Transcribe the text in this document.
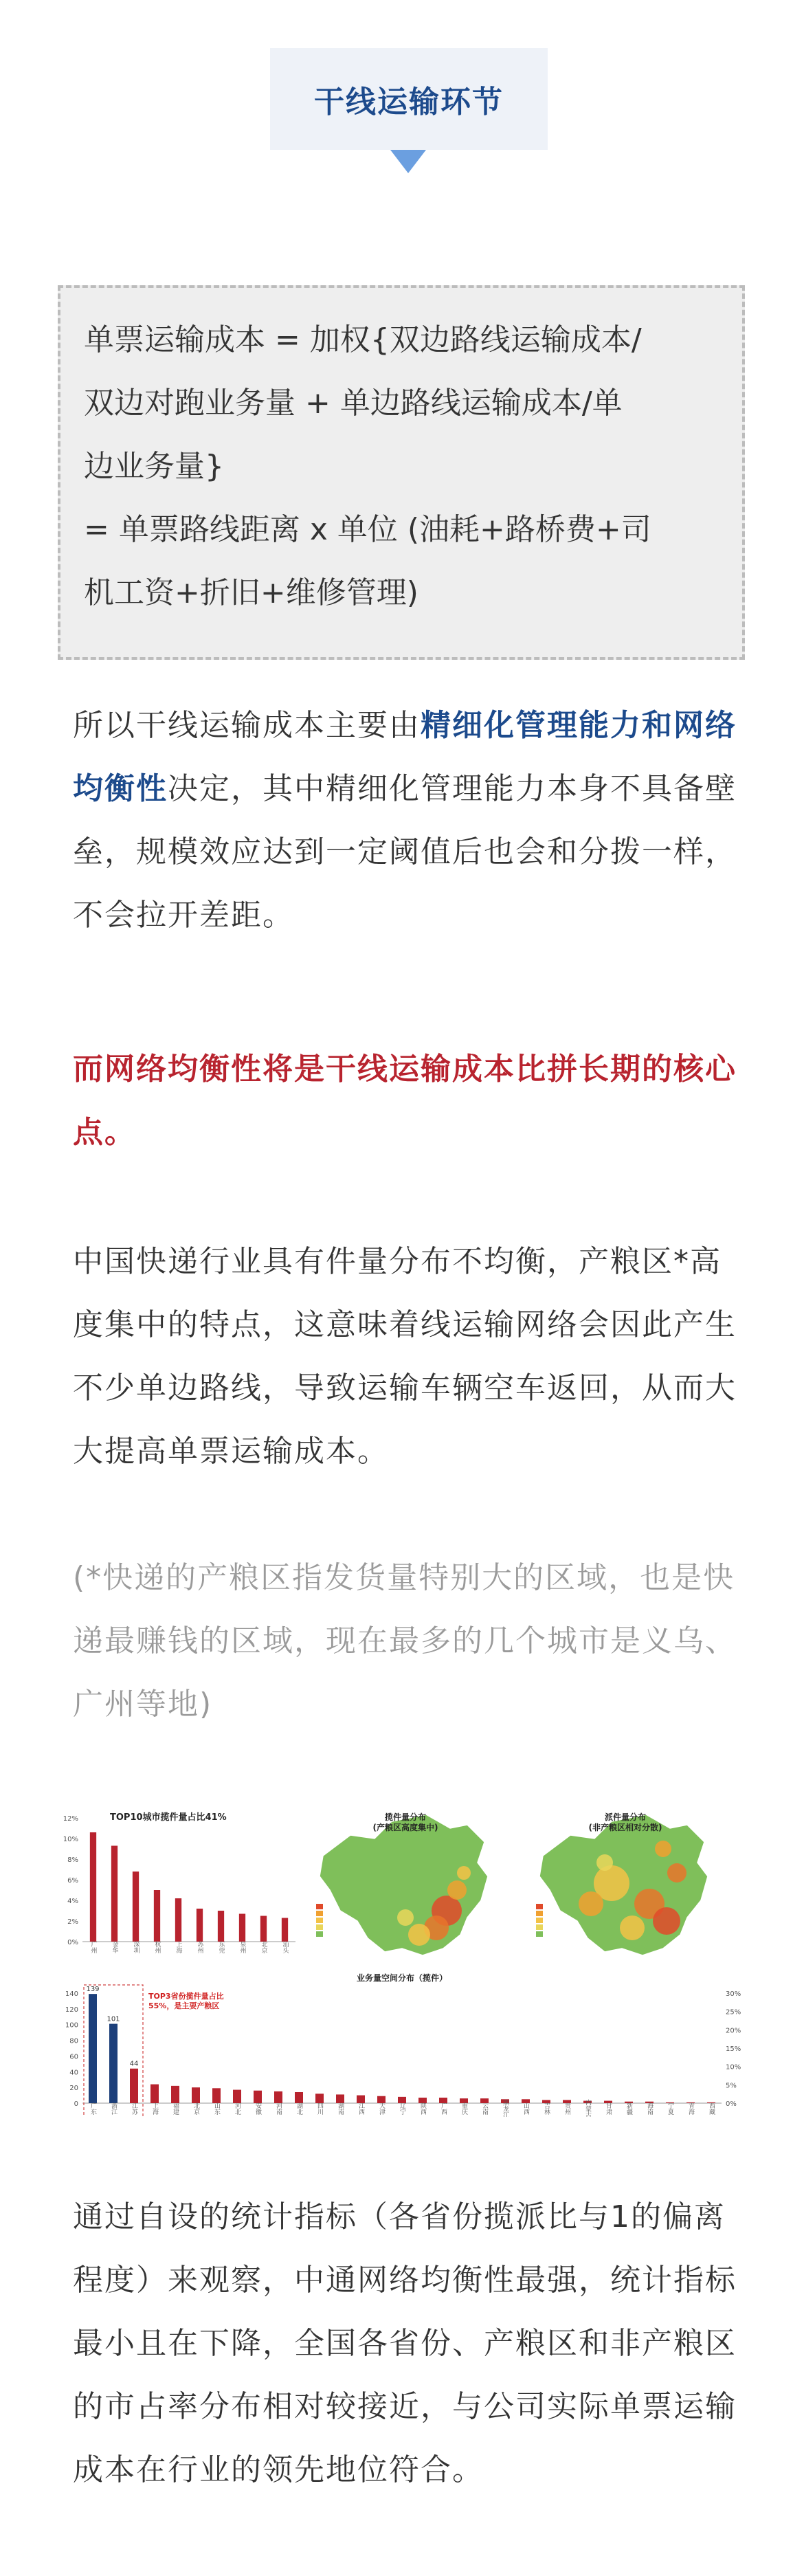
干线运输环节
单票运输成本 = 加权{双边路线运输成本/
双边对跑业务量 + 单边路线运输成本/单
边业务量}
= 单票路线距离 x 单位 (油耗+路桥费+司
机工资+折旧+维修管理)
所以干线运输成本主要由精细化管理能力和网络均衡性决定，其中精细化管理能力本身不具备壁垒，规模效应达到一定阈值后也会和分拨一样，不会拉开差距。
而网络均衡性将是干线运输成本比拼长期的核心点。
中国快递行业具有件量分布不均衡，产粮区*高度集中的特点，这意味着线运输网络会因此产生不少单边路线，导致运输车辆空车返回，从而大大提高单票运输成本。
(*快递的产粮区指发货量特别大的区域，也是快递最赚钱的区域，现在最多的几个城市是义乌、广州等地)
TOP10城市揽件量占比41%
0%
2%
4%
6%
8%
10%
12%
广州 金华 深圳 杭州 上海 苏州 东莞 泉州 北京 汕头
揽件量分布
(产粮区高度集中)
派件量分布
(非产粮区相对分散)
业务量空间分布（揽件）
0
20
40
60
80
100
120
140
0%
5%
10%
15%
20%
25%
30%
广东
139
浙江
101
江苏
44
上海 福建 北京 山东 河北 安徽 河南 湖北 四川 湖南 江西 天津 辽宁 陕西 广西 重庆 云南 黑龙江 山西 吉林 贵州 内蒙古 甘肃 新疆 海南 宁夏 青海 西藏
TOP3省份揽件量占比
55%，是主要产粮区
通过自设的统计指标（各省份揽派比与1的偏离程度）来观察，中通网络均衡性最强，统计指标最小且在下降，全国各省份、产粮区和非产粮区的市占率分布相对较接近，与公司实际单票运输成本在行业的领先地位符合。
